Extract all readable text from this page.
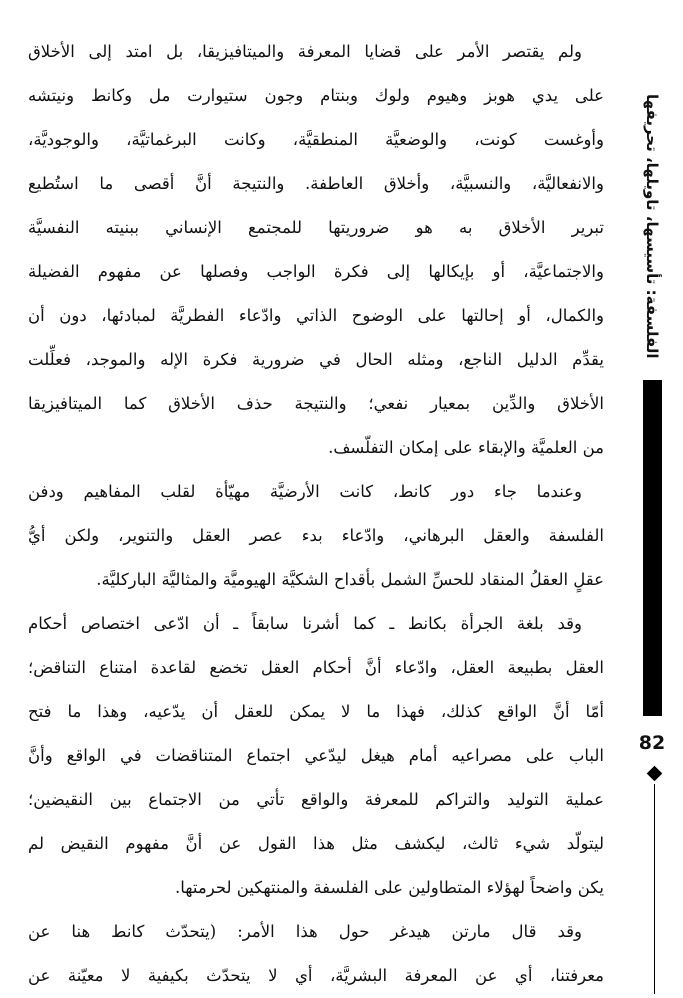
الفلسفة: تأسيسها، تاويلها، تحريفها
82
ولم يقتصر الأمر على قضايا المعرفة والميتافيزيقا، بل امتد إلى الأخلاق
على يدي هوبز وهيوم ولوك وبنتام وجون ستيوارت مل وكانط ونيتشه
وأوغست كونت، والوضعيَّة المنطقيَّة، وكانت البرغماتيَّة، والوجوديَّة،
والانفعاليَّة، والنسبيَّة، وأخلاق العاطفة. والنتيجة أنَّ أقصى ما استُطيع
تبرير الأخلاق به هو ضروريتها للمجتمع الإنساني ببنيته النفسيَّة
والاجتماعيَّة، أو بإيكالها إلى فكرة الواجب وفصلها عن مفهوم الفضيلة
والكمال، أو إحالتها على الوضوح الذاتي وادّعاء الفطريَّة لمبادئها، دون أن
يقدِّم الدليل الناجع، ومثله الحال في ضرورية فكرة الإله والموجد، فعلِّلت
الأخلاق والدِّين بمعيار نفعي؛ والنتيجة حذف الأخلاق كما الميتافيزيقا
من العلميَّة والإبقاء على إمكان التفلّسف.
وعندما جاء دور كانط، كانت الأرضيَّة مهيّأة لقلب المفاهيم ودفن
الفلسفة والعقل البرهاني، وادّعاء بدء عصر العقل والتنوير، ولكن أيُّ
عقلٍ العقلُ المنقاد للحسِّ الشمل بأقداح الشكيَّة الهيوميَّة والمثاليَّة الباركليَّة.
وقد بلغة الجرأة بكانط ـ كما أشرنا سابقاً ـ أن ادّعى اختصاص أحكام
العقل بطبيعة العقل، وادّعاء أنَّ أحكام العقل تخضع لقاعدة امتناع التناقض؛
أمّا أنَّ الواقع كذلك، فهذا ما لا يمكن للعقل أن يدّعيه، وهذا ما فتح
الباب على مصراعيه أمام هيغل ليدّعي اجتماع المتناقضات في الواقع وأنَّ
عملية التوليد والتراكم للمعرفة والواقع تأتي من الاجتماع بين النقيضين؛
ليتولّد شيء ثالث، ليكشف مثل هذا القول عن أنَّ مفهوم النقيض لم
يكن واضحاً لهؤلاء المتطاولين على الفلسفة والمنتهكين لحرمتها.
وقد قال مارتن هيدغر حول هذا الأمر: (يتحدّث كانط هنا عن
معرفتنا، أي عن المعرفة البشريَّة، أي لا يتحدّث بكيفية لا معيّنة عن
